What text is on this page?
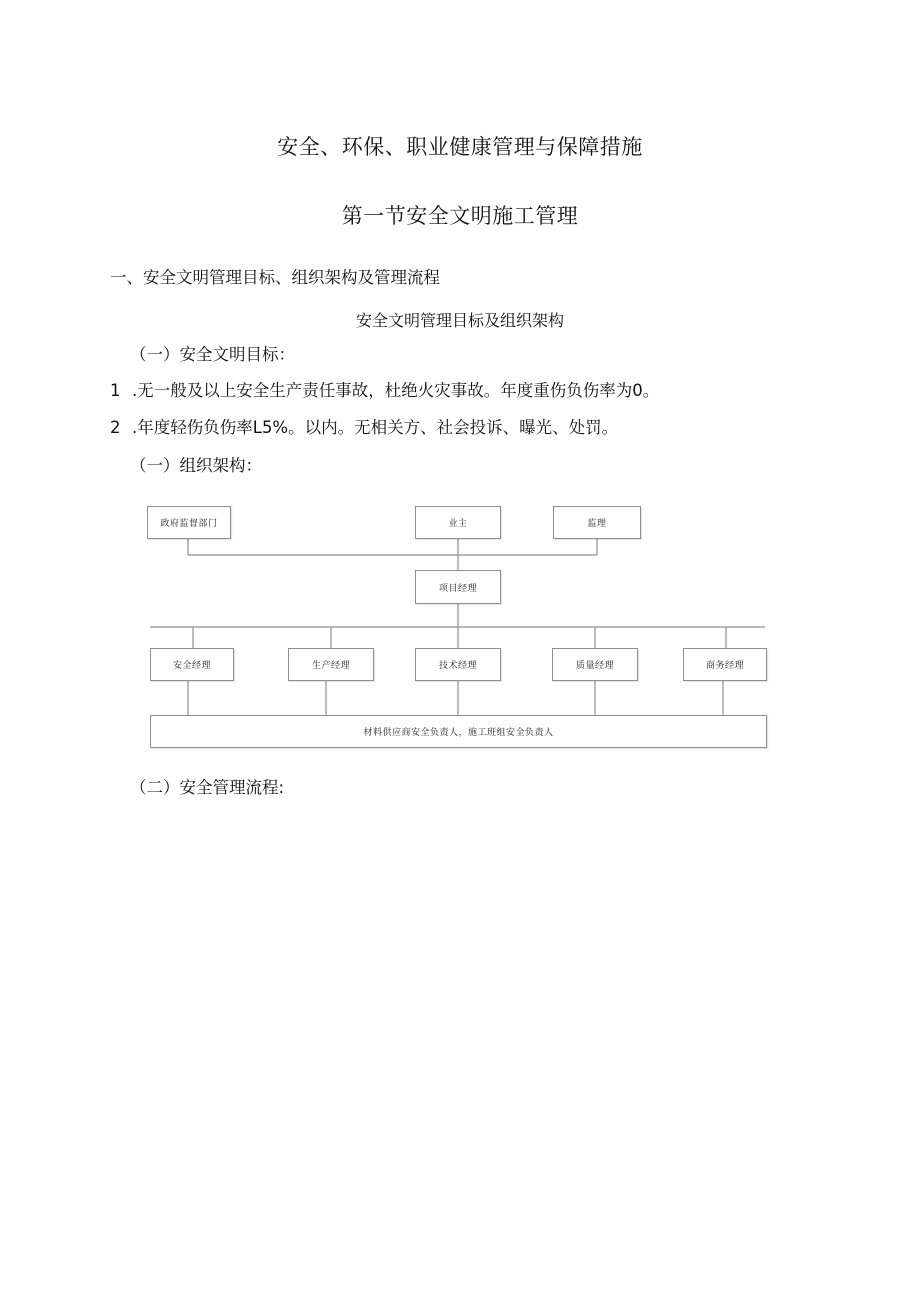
安全、环保、职业健康管理与保障措施
第一节安全文明施工管理
一、安全文明管理目标、组织架构及管理流程
安全文明管理目标及组织架构
（一）安全文明目标：
1 .无一般及以上安全生产责任事故，杜绝火灾事故。年度重伤负伤率为0。
2 .年度轻伤负伤率L5%。以内。无相关方、社会投诉、曝光、处罚。
（一）组织架构：
政府监督部门	业主	监理
项目经理
安全经理	生产经理	技术经理	质量经理	商务经理
材料供应商安全负责人，施工班组安全负责人
（二）安全管理流程:
